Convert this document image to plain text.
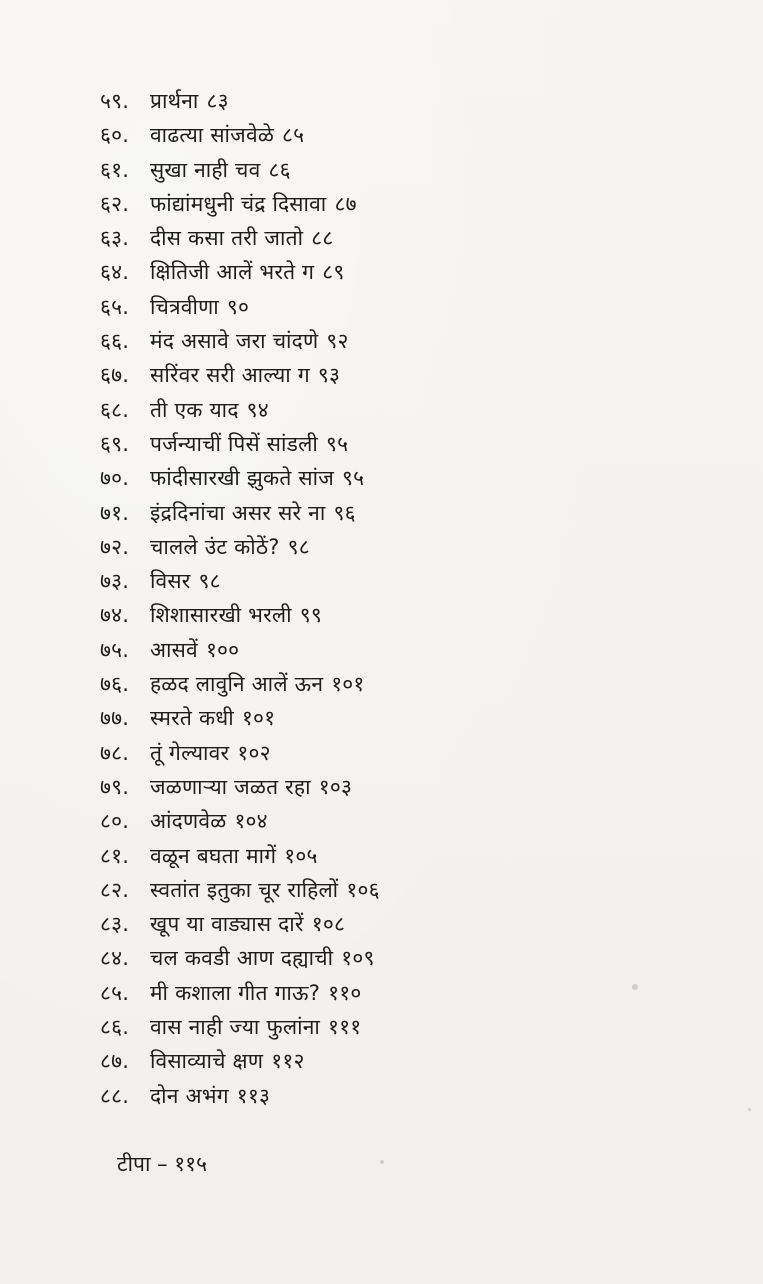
५९. प्रार्थना ८३
६०. वाढत्या सांजवेळे ८५
६१. सुखा नाही चव ८६
६२. फांद्यांमधुनी चंद्र दिसावा ८७
६३. दीस कसा तरी जातो ८८
६४. क्षितिजी आलें भरते ग ८९
६५. चित्रवीणा ९०
६६. मंद असावे जरा चांदणे ९२
६७. सरिंवर सरी आल्या ग ९३
६८. ती एक याद ९४
६९. पर्जन्याचीं पिसें सांडली ९५
७०. फांदीसारखी झुकते सांज ९५
७१. इंद्रदिनांचा असर सरे ना ९६
७२. चालले उंट कोठें? ९८
७३. विसर ९८
७४. शिशासारखी भरली ९९
७५. आसवें १००
७६. हळद लावुनि आलें ऊन १०१
७७. स्मरते कधी १०१
७८. तूं गेल्यावर १०२
७९. जळणाऱ्या जळत रहा १०३
८०. आंदणवेळ १०४
८१. वळून बघता मागें १०५
८२. स्वतांत इतुका चूर राहिलों १०६
८३. खूप या वाड्यास दारें १०८
८४. चल कवडी आण दह्याची १०९
८५. मी कशाला गीत गाऊ? ११०
८६. वास नाही ज्या फुलांना १११
८७. विसाव्याचे क्षण ११२
८८. दोन अभंग ११३
टीपा – ११५
